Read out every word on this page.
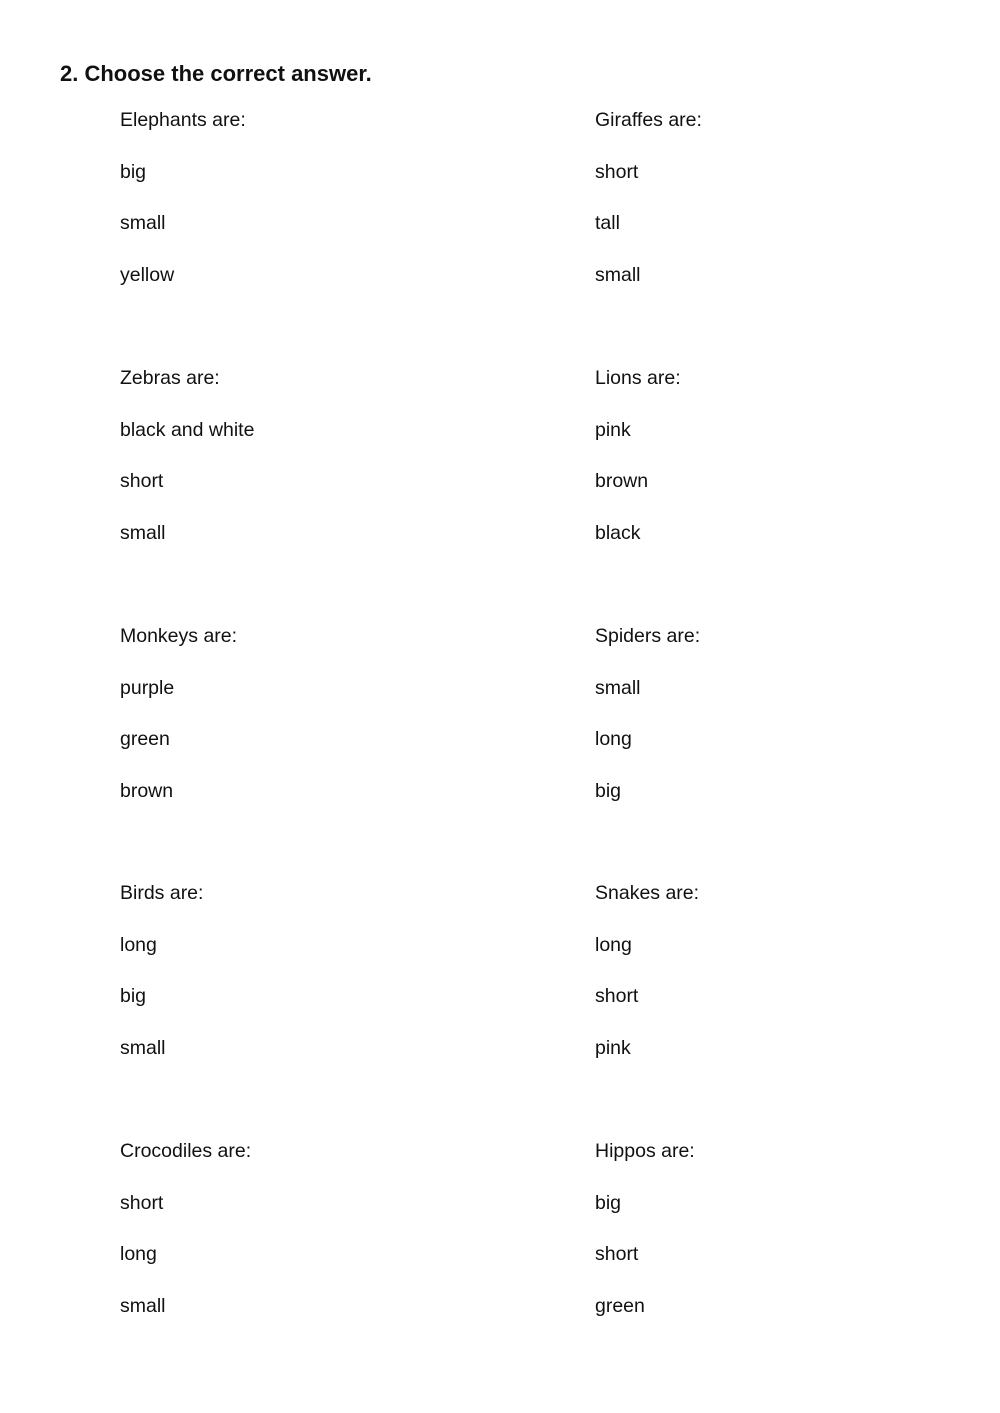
2. Choose the correct answer.

Elephants are:

big

small

yellow

Giraffes are:

short

tall

small

Zebras are:

black and white

short

small

Lions are:

pink

brown

black

Monkeys are:

purple

green

brown

Spiders are:

small

long

big

Birds are:

long

big

small

Snakes are:

long

short

pink

Crocodiles are:

short

long

small

Hippos are:

big

short

green
